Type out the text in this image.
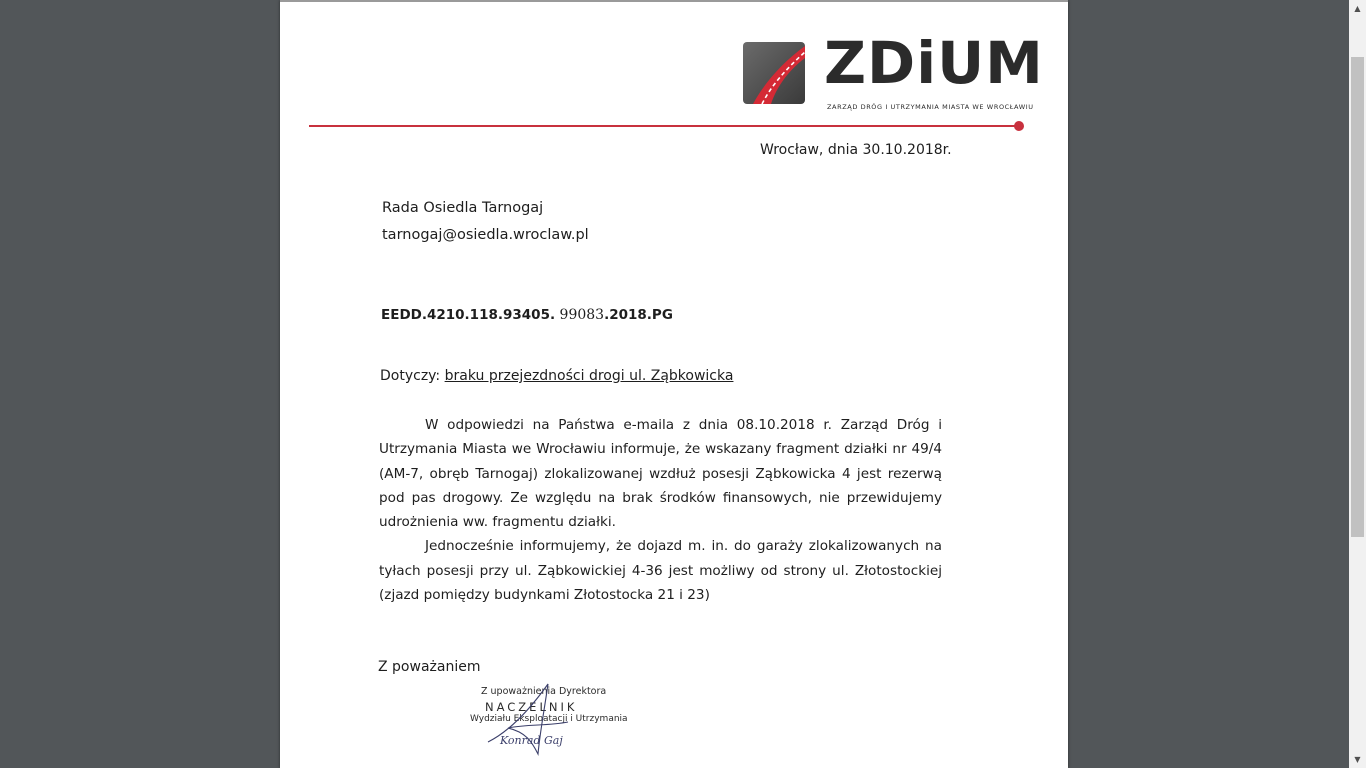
ZDiUM
ZARZĄD DRÓG I UTRZYMANIA MIASTA WE WROCŁAWIU
Wrocław, dnia 30.10.2018r.
Rada Osiedla Tarnogaj
tarnogaj@osiedla.wroclaw.pl
EEDD.4210.118.93405. 99083.2018.PG
Dotyczy: braku przejezdności drogi ul. Ząbkowicka

W odpowiedzi na Państwa e-maila z dnia 08.10.2018 r. Zarząd Dróg i Utrzymania Miasta we Wrocławiu informuje, że wskazany fragment działki nr 49/4 (AM-7, obręb Tarnogaj) zlokalizowanej wzdłuż posesji Ząbkowicka 4 jest rezerwą pod pas drogowy. Ze względu na brak środków finansowych, nie przewidujemy udrożnienia ww. fragmentu działki.

Jednocześnie informujemy, że dojazd m. in. do garaży zlokalizowanych na tyłach posesji przy ul. Ząbkowickiej 4-36 jest możliwy od strony ul. Złotostockiej (zjazd pomiędzy budynkami Złotostocka 21 i 23)

Z poważaniem
Z upoważnienia Dyrektora
NACZELNIK
Wydziału Eksploatacji i Utrzymania
Konrad Gaj
▲
▼
